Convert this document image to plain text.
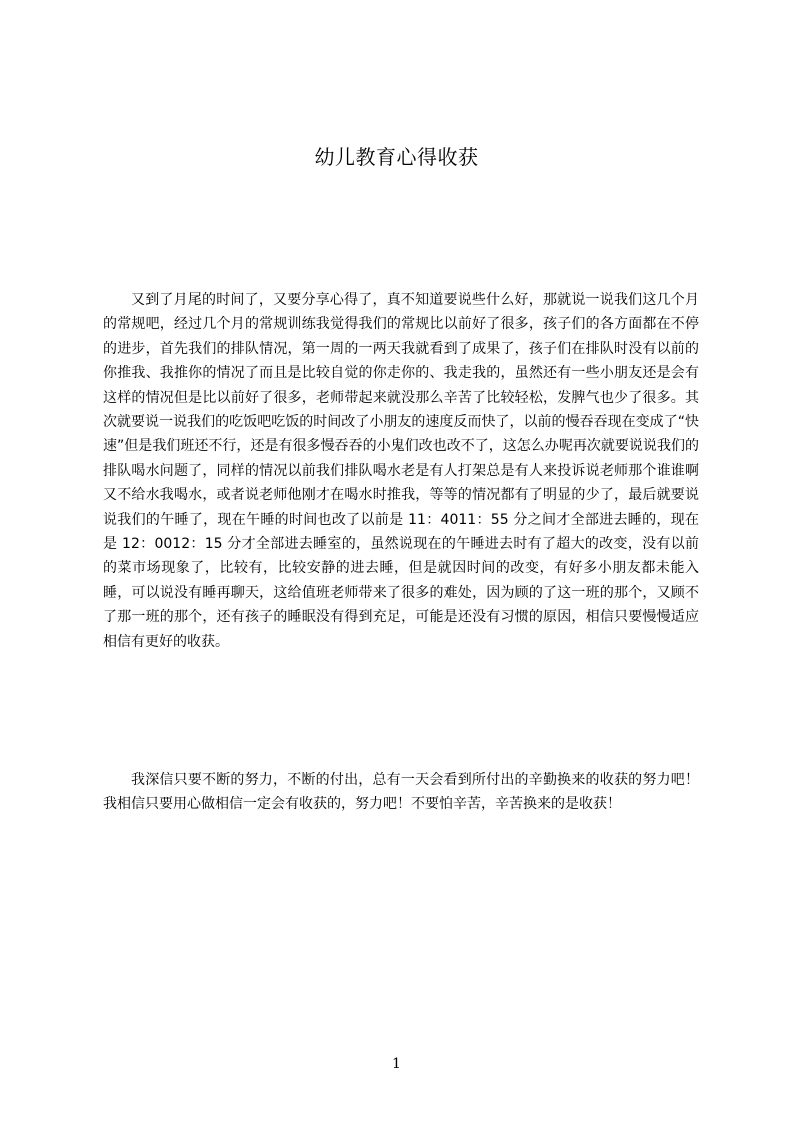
幼儿教育心得收获

又到了月尾的时间了，又要分享心得了，真不知道要说些什么好，那就说一说我们这几个月的常规吧，经过几个月的常规训练我觉得我们的常规比以前好了很多，孩子们的各方面都在不停的进步，首先我们的排队情况，第一周的一两天我就看到了成果了，孩子们在排队时没有以前的你推我、我推你的情况了而且是比较自觉的你走你的、我走我的，虽然还有一些小朋友还是会有这样的情况但是比以前好了很多，老师带起来就没那么辛苦了比较轻松，发脾气也少了很多。其次就要说一说我们的吃饭吧吃饭的时间改了小朋友的速度反而快了，以前的慢吞吞现在变成了“快速”但是我们班还不行，还是有很多慢吞吞的小鬼们改也改不了，这怎么办呢再次就要说说我们的排队喝水问题了，同样的情况以前我们排队喝水老是有人打架总是有人来投诉说老师那个谁谁啊又不给水我喝水，或者说老师他刚才在喝水时推我，等等的情况都有了明显的少了，最后就要说说我们的午睡了，现在午睡的时间也改了以前是 11：4011：55 分之间才全部进去睡的，现在是 12：0012：15 分才全部进去睡室的，虽然说现在的午睡进去时有了超大的改变，没有以前的菜市场现象了，比较有，比较安静的进去睡，但是就因时间的改变，有好多小朋友都未能入睡，可以说没有睡再聊天，这给值班老师带来了很多的难处，因为顾的了这一班的那个，又顾不了那一班的那个，还有孩子的睡眠没有得到充足，可能是还没有习惯的原因，相信只要慢慢适应相信有更好的收获。

我深信只要不断的努力，不断的付出，总有一天会看到所付出的辛勤换来的收获的努力吧！我相信只要用心做相信一定会有收获的，努力吧！不要怕辛苦，辛苦换来的是收获！

1
